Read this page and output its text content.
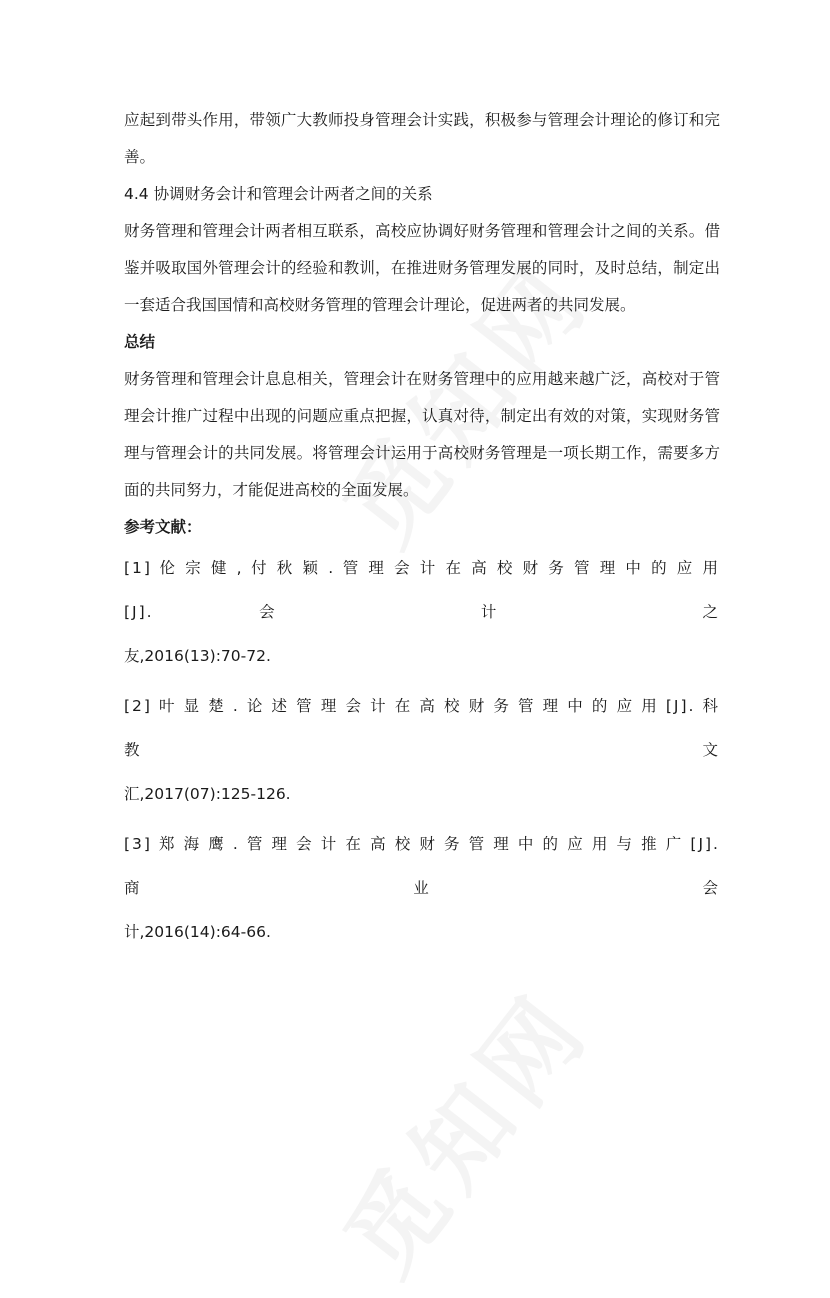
应起到带头作用，带领广大教师投身管理会计实践，积极参与管理会计理论的修订和完善。

4.4 协调财务会计和管理会计两者之间的关系

财务管理和管理会计两者相互联系，高校应协调好财务管理和管理会计之间的关系。借鉴并吸取国外管理会计的经验和教训，在推进财务管理发展的同时，及时总结，制定出一套适合我国国情和高校财务管理的管理会计理论，促进两者的共同发展。

总结

财务管理和管理会计息息相关，管理会计在财务管理中的应用越来越广泛，高校对于管理会计推广过程中出现的问题应重点把握，认真对待，制定出有效的对策，实现财务管理与管理会计的共同发展。将管理会计运用于高校财务管理是一项长期工作，需要多方面的共同努力，才能促进高校的全面发展。

参考文献：

[1] 伦 宗 健 , 付 秋 颖 . 管 理 会 计 在 高 校 财 务 管 理 中 的 应 用 [J]. 会 计 之
友,2016(13):70-72.

[2] 叶 显 楚 . 论 述 管 理 会 计 在 高 校 财 务 管 理 中 的 应 用 [J]. 科 教 文
汇,2017(07):125-126.

[3] 郑 海 鹰 . 管 理 会 计 在 高 校 财 务 管 理 中 的 应 用 与 推 广 [J]. 商 业 会
计,2016(14):64-66.
